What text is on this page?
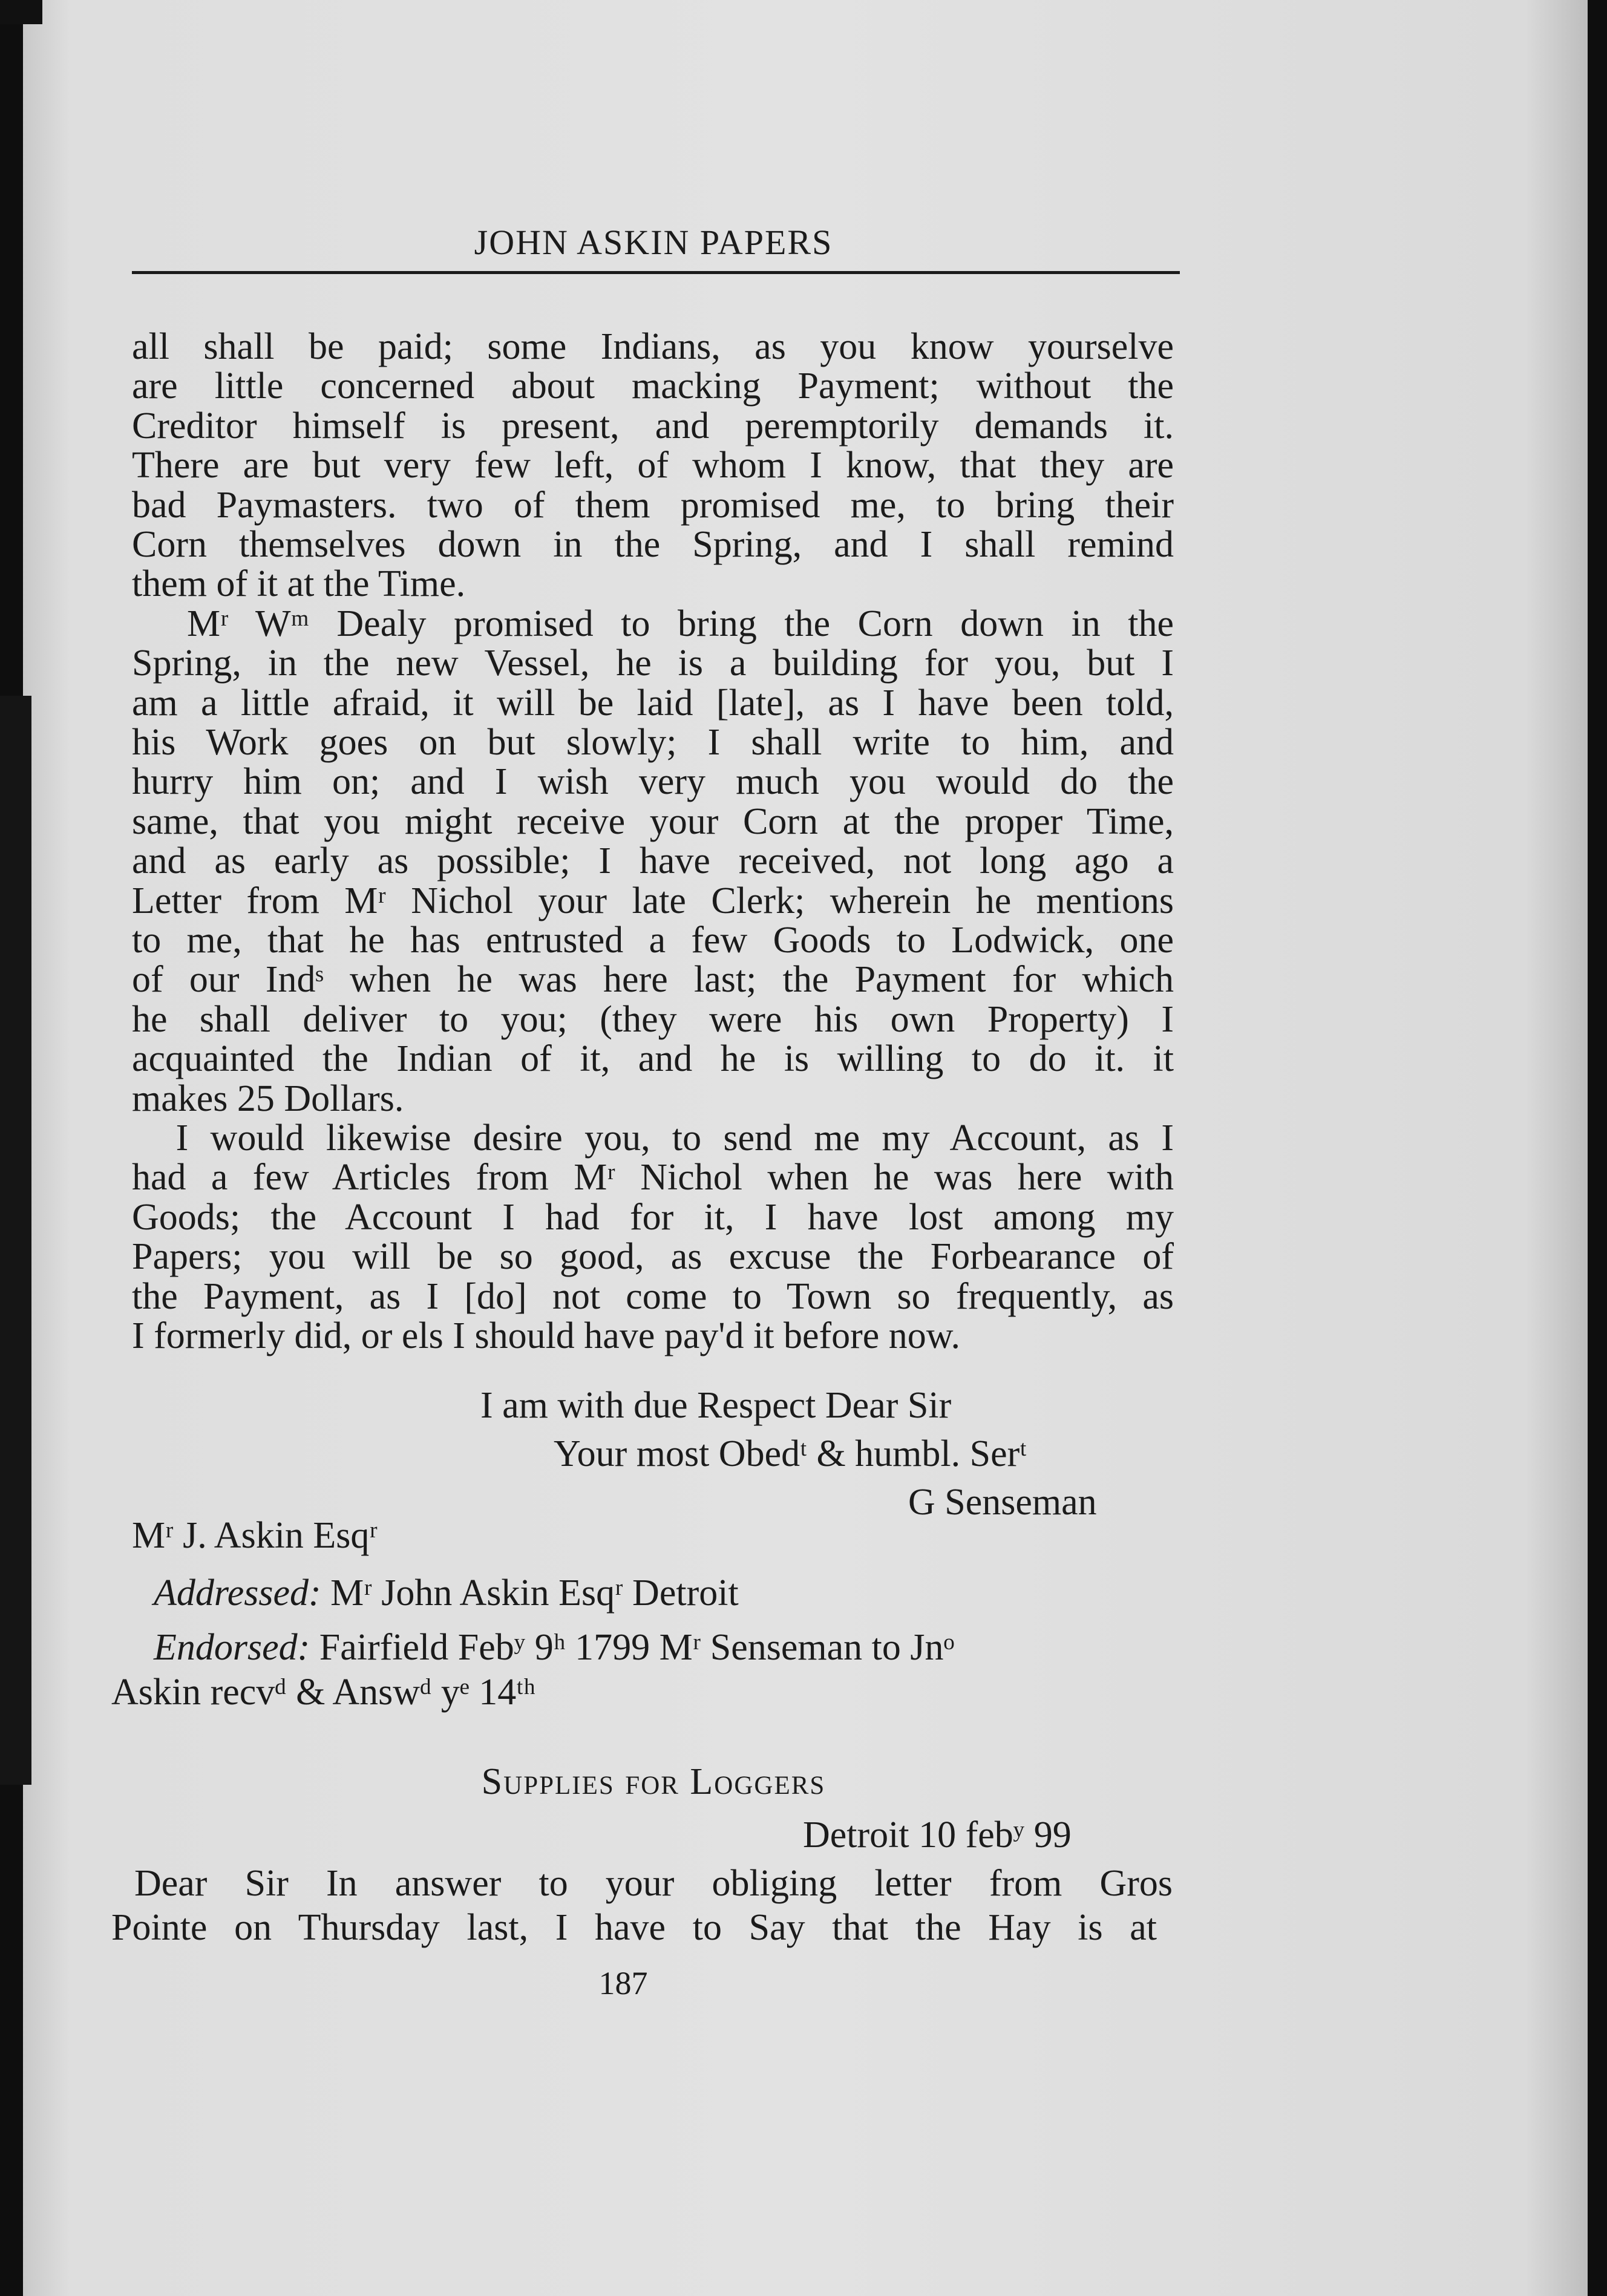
JOHN ASKIN PAPERS
all shall be paid; some Indians, as you know yourselve
are little concerned about macking Payment; without the
Creditor himself is present, and peremptorily demands it.
There are but very few left, of whom I know, that they are
bad Paymasters. two of them promised me, to bring their
Corn themselves down in the Spring, and I shall remind
them of it at the Time.
Mʳ Wᵐ Dealy promised to bring the Corn down in the
Spring, in the new Vessel, he is a building for you, but I
am a little afraid, it will be laid [late], as I have been told,
his Work goes on but slowly; I shall write to him, and
hurry him on; and I wish very much you would do the
same, that you might receive your Corn at the proper Time,
and as early as possible; I have received, not long ago a
Letter from Mʳ Nichol your late Clerk; wherein he mentions
to me, that he has entrusted a few Goods to Lodwick, one
of our Indˢ when he was here last; the Payment for which
he shall deliver to you; (they were his own Property) I
acquainted the Indian of it, and he is willing to do it. it
makes 25 Dollars.
I would likewise desire you, to send me my Account, as I
had a few Articles from Mʳ Nichol when he was here with
Goods; the Account I had for it, I have lost among my
Papers; you will be so good, as excuse the Forbearance of
the Payment, as I [do] not come to Town so frequently, as
I formerly did, or els I should have pay'd it before now.
I am with due Respect Dear Sir
Your most Obedᵗ & humbl. Serᵗ
G Senseman
Mʳ J. Askin Esqʳ
Addressed: Mʳ John Askin Esqʳ Detroit
Endorsed: Fairfield Febʸ 9ʰ 1799 Mʳ Senseman to Jnᵒ
Askin recvᵈ & Answᵈ yᵉ 14ᵗʰ
Supplies for Loggers
Detroit 10 febʸ 99
Dear Sir In answer to your obliging letter from Gros
Pointe on Thursday last, I have to Say that the Hay is at
187
